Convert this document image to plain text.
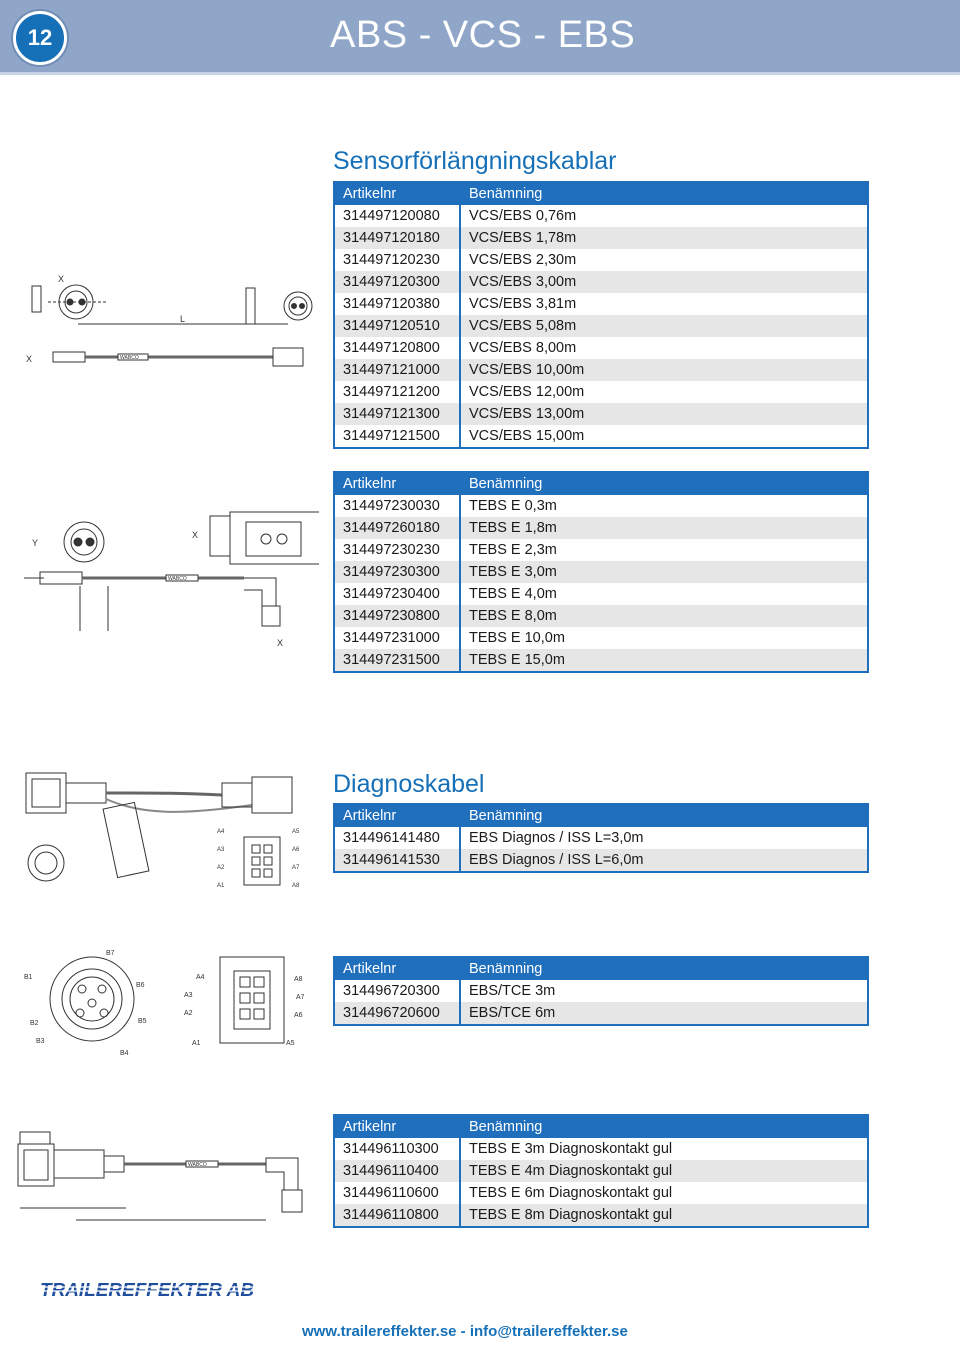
12	ABS - VCS - EBS
Sensorförlängningskablar
Artikelnr	Benämning
314497120080	VCS/EBS 0,76m
314497120180	VCS/EBS 1,78m
314497120230	VCS/EBS 2,30m
314497120300	VCS/EBS 3,00m
314497120380	VCS/EBS 3,81m
314497120510	VCS/EBS 5,08m
314497120800	VCS/EBS 8,00m
314497121000	VCS/EBS 10,00m
314497121200	VCS/EBS 12,00m
314497121300	VCS/EBS 13,00m
314497121500	VCS/EBS 15,00m
Artikelnr	Benämning
314497230030	TEBS E 0,3m
314497260180	TEBS E 1,8m
314497230230	TEBS E 2,3m
314497230300	TEBS E 3,0m
314497230400	TEBS E 4,0m
314497230800	TEBS E 8,0m
314497231000	TEBS E 10,0m
314497231500	TEBS E 15,0m
Diagnoskabel
Artikelnr	Benämning
314496141480	EBS Diagnos / ISS L=3,0m
314496141530	EBS Diagnos / ISS L=6,0m
Artikelnr	Benämning
314496720300	EBS/TCE 3m
314496720600	EBS/TCE 6m
Artikelnr	Benämning
314496110300	TEBS E 3m Diagnoskontakt gul
314496110400	TEBS E 4m Diagnoskontakt gul
314496110600	TEBS E 6m Diagnoskontakt gul
314496110800	TEBS E 8m Diagnoskontakt gul
X
L
WABCO
X
Y
X
WABCO
X
A4
A3
A2
A1
A5
A6
A7
A8
B1
B2
B3
B4
B5
B6
B7
A4
A3
A2
A1
A8
A7
A6
A5
WABCO
TRAILEREFFEKTER AB
www.trailereffekter.se - info@trailereffekter.se
